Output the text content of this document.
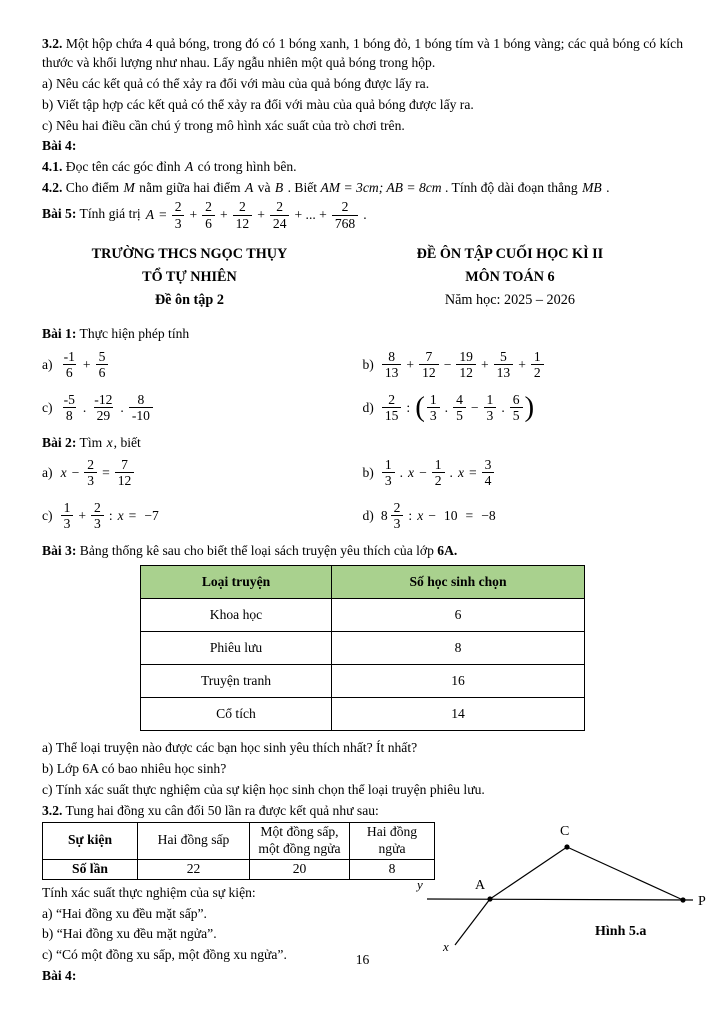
3.2. Một hộp chứa 4 quả bóng, trong đó có 1 bóng xanh, 1 bóng đỏ, 1 bóng tím và 1 bóng vàng; các quả bóng có kích thước và khối lượng như nhau. Lấy ngẫu nhiên một quả bóng trong hộp.

a) Nêu các kết quả có thể xảy ra đối với màu của quả bóng được lấy ra.

b) Viết tập hợp các kết quả có thể xảy ra đối với màu của quả bóng được lấy ra.

c) Nêu hai điều cần chú ý trong mô hình xác suất của trò chơi trên.

Bài 4:

4.1. Đọc tên các góc đỉnh A có trong hình bên.

4.2. Cho điểm M nằm giữa hai điểm A và B . Biết AM = 3cm; AB = 8cm . Tính độ dài đoạn thẳng MB .

Bài 5: Tính giá trị $A = \frac{2}{3} + \frac{2}{6} + \frac{2}{12} + \frac{2}{24}$ + ... + $\frac{2}{768}$ .

TRƯỜNG THCS NGỌC THỤY

TỔ TỰ NHIÊN

Đề ôn tập 2

ĐỀ ÔN TẬP CUỐI HỌC KÌ II

MÔN TOÁN 6

Năm học: 2025 – 2026

Bài 1: Thực hiện phép tính

$a) \frac{-1}{6} + \frac{5}{6}$	$b) \frac{8}{13} + \frac{7}{12} - \frac{19}{12} + \frac{5}{13} + \frac{1}{2}$
$c) \frac{-5}{8}$ . $\frac{-12}{29}$ . $\frac{8}{-10}$	$d) \frac{2}{15}$ : ( $\frac{1}{3}$ . $\frac{4}{5} - \frac{1}{3}$ . $\frac{6}{5}$ )

Bài 2: Tìm x, biết

a) $x - \frac{2}{3} = \frac{7}{12}$	$b) \frac{1}{3}$ . $x - \frac{1}{2}$ . $x = \frac{3}{4}$
$c) \frac{1}{3} + \frac{2}{3}$ : x = −7	d) $8 \frac{2}{3}$ : x − 10 = −8

Bài 3: Bảng thống kê sau cho biết thể loại sách truyện yêu thích của lớp 6A.

Loại truyện	Số học sinh chọn
Khoa học	6
Phiêu lưu	8
Truyện tranh	16
Cổ tích	14

a) Thể loại truyện nào được các bạn học sinh yêu thích nhất? Ít nhất?

b) Lớp 6A có bao nhiêu học sinh?

c) Tính xác suất thực nghiệm của sự kiện học sinh chọn thể loại truyện phiêu lưu.

3.2. Tung hai đồng xu cân đối 50 lần ra được kết quả như sau:

Sự kiện	Hai đồng sấp	Một đồng sấp, một đồng ngửa	Hai đồng ngửa
Số lần	22	20	8

Tính xác suất thực nghiệm của sự kiện:

a) “Hai đồng xu đều mặt sấp”.

b) “Hai đồng xu đều mặt ngửa”.

c) “Có một đồng xu sấp, một đồng xu ngửa”.

Bài 4:

C
A
P
y
x
Hình 5.a
16
